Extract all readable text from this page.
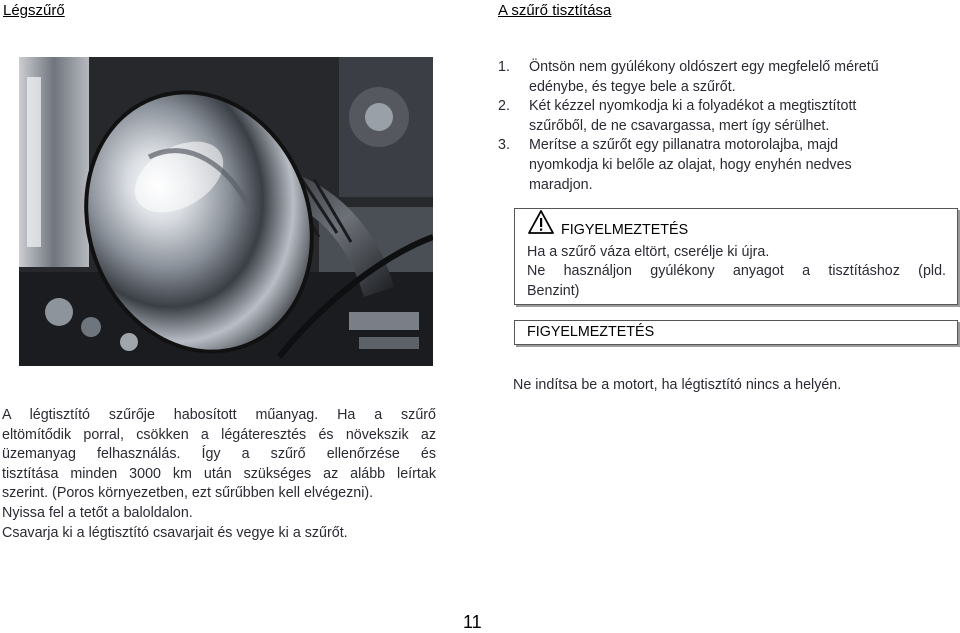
Légszűrő	A szűrő tisztítása
1. Öntsön nem gyúlékony oldószert egy megfelelő méretű
edénybe, és tegye bele a szűrőt.
2. Két kézzel nyomkodja ki a folyadékot a megtisztított
szűrőből, de ne csavargassa, mert így sérülhet.
3. Merítse a szűrőt egy pillanatra motorolajba, majd
nyomkodja ki belőle az olajat, hogy enyhén nedves
maradjon.
FIGYELMEZTETÉS
Ha a szűrő váza eltört, cserélje ki újra.
Ne használjon gyúlékony anyagot a tisztításhoz (pld.
Benzint)
FIGYELMEZTETÉS
Ne indítsa be a motort, ha légtisztító nincs a helyén.
A légtisztító szűrője habosított műanyag. Ha a szűrő
eltömítődik porral, csökken a légáteresztés és növekszik az
üzemanyag felhasználás. Így a szűrő ellenőrzése és
tisztítása minden 3000 km után szükséges az alább leírtak
szerint. (Poros környezetben, ezt sűrűbben kell elvégezni).
Nyissa fel a tetőt a baloldalon.
Csavarja ki a légtisztító csavarjait és vegye ki a szűrőt.
11
